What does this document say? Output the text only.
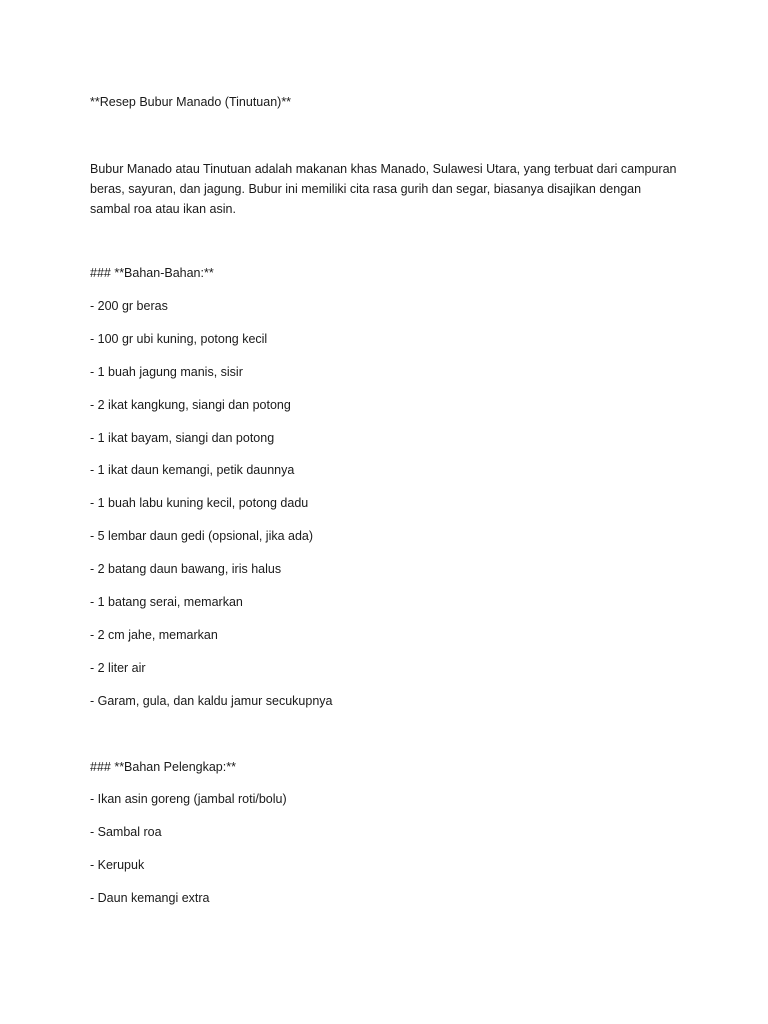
**Resep Bubur Manado (Tinutuan)**

Bubur Manado atau Tinutuan adalah makanan khas Manado, Sulawesi Utara, yang terbuat dari campuran beras, sayuran, dan jagung. Bubur ini memiliki cita rasa gurih dan segar, biasanya disajikan dengan sambal roa atau ikan asin.

### **Bahan-Bahan:**
- 200 gr beras
- 100 gr ubi kuning, potong kecil
- 1 buah jagung manis, sisir
- 2 ikat kangkung, siangi dan potong
- 1 ikat bayam, siangi dan potong
- 1 ikat daun kemangi, petik daunnya
- 1 buah labu kuning kecil, potong dadu
- 5 lembar daun gedi (opsional, jika ada)
- 2 batang daun bawang, iris halus
- 1 batang serai, memarkan
- 2 cm jahe, memarkan
- 2 liter air
- Garam, gula, dan kaldu jamur secukupnya
### **Bahan Pelengkap:**
- Ikan asin goreng (jambal roti/bolu)
- Sambal roa
- Kerupuk
- Daun kemangi extra
